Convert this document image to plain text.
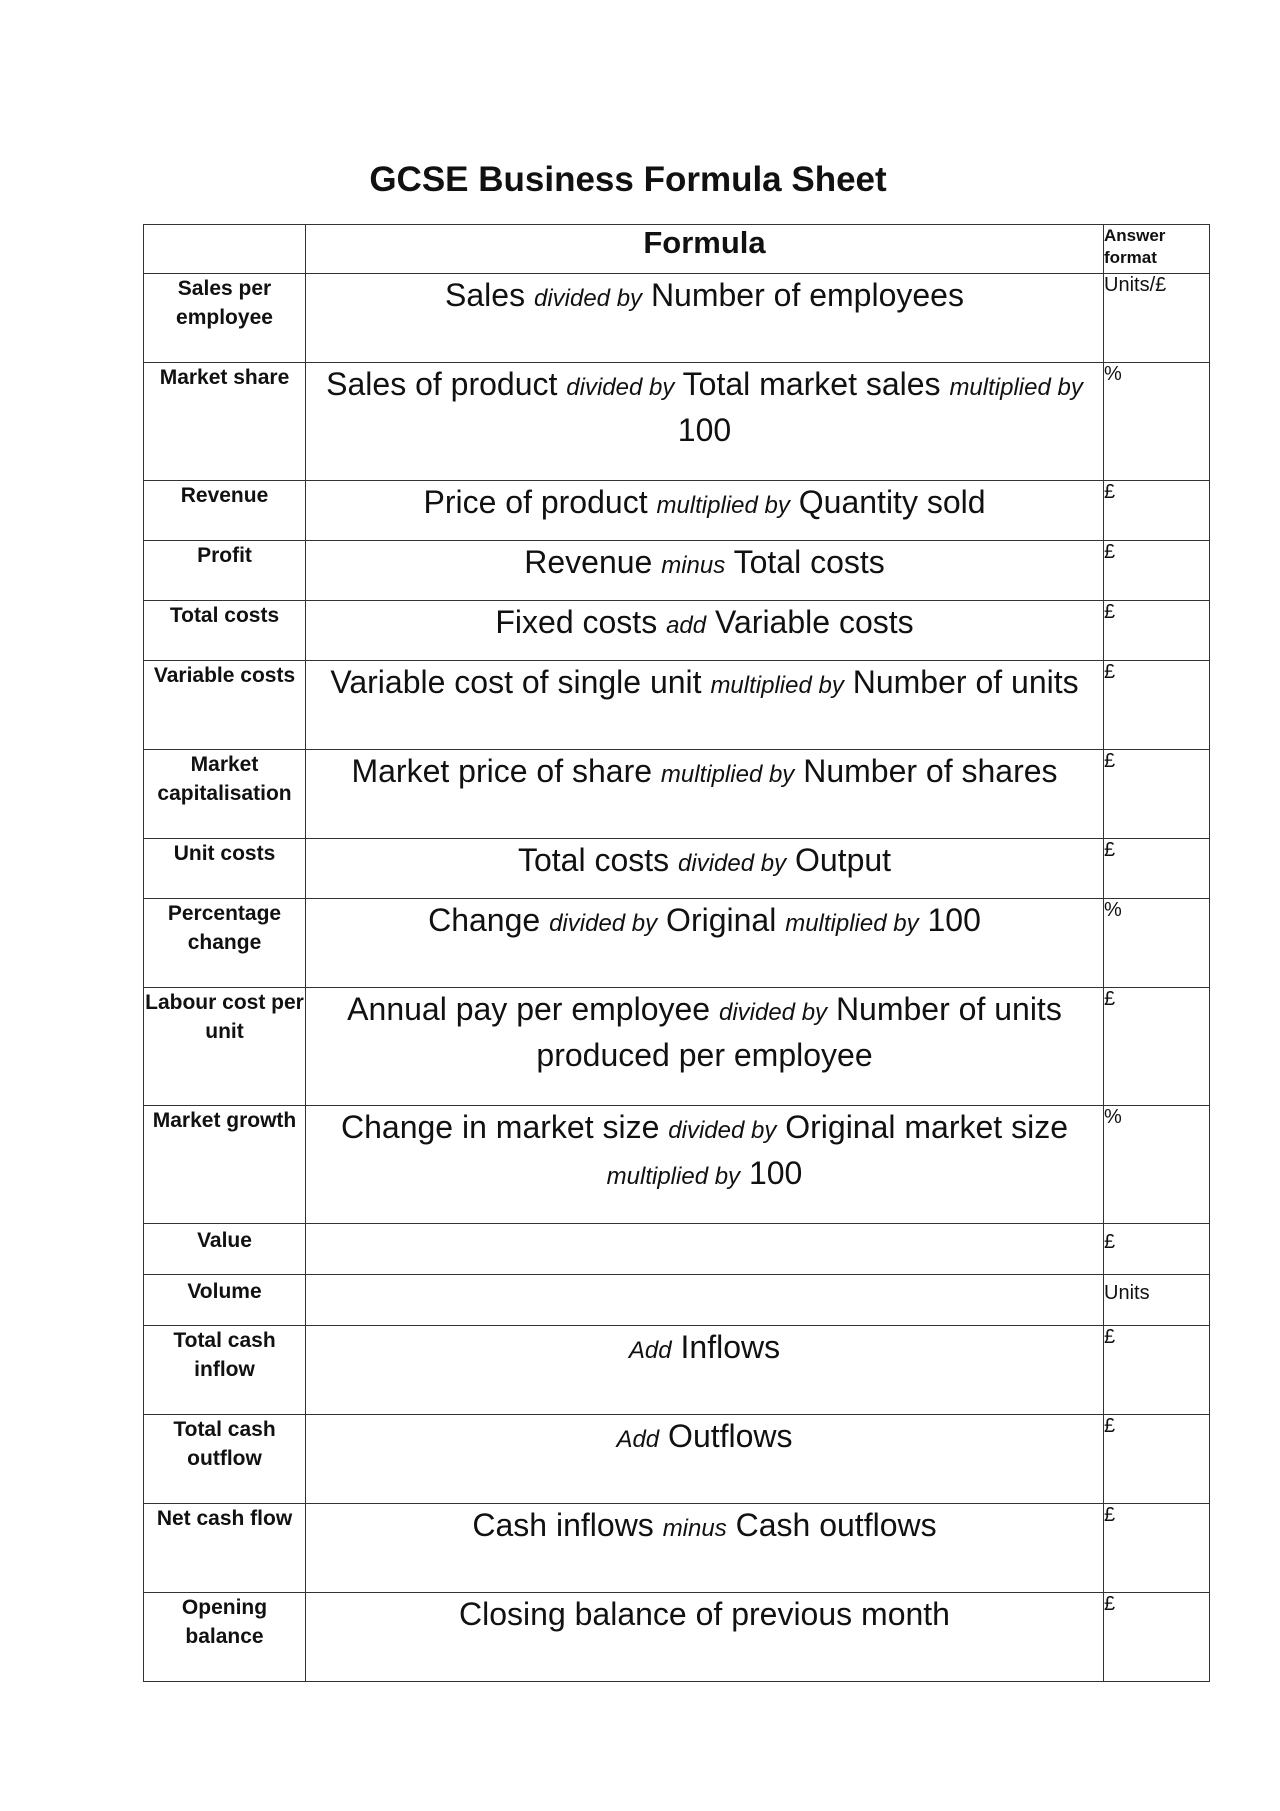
GCSE Business Formula Sheet
	Formula	Answer format
Sales per employee	Sales divided by Number of employees	Units/£
Market share	Sales of product divided by Total market sales multiplied by 100	%
Revenue	Price of product multiplied by Quantity sold	£
Profit	Revenue minus Total costs	£
Total costs	Fixed costs add Variable costs	£
Variable costs	Variable cost of single unit multiplied by Number of units	£
Market capitalisation	Market price of share multiplied by Number of shares	£
Unit costs	Total costs divided by Output	£
Percentage change	Change divided by Original multiplied by 100	%
Labour cost per unit	Annual pay per employee divided by Number of units produced per employee	£
Market growth	Change in market size divided by Original market size multiplied by 100	%
Value		£
Volume		Units
Total cash inflow	Add Inflows	£
Total cash outflow	Add Outflows	£
Net cash flow	Cash inflows minus Cash outflows	£
Opening balance	Closing balance of previous month	£
